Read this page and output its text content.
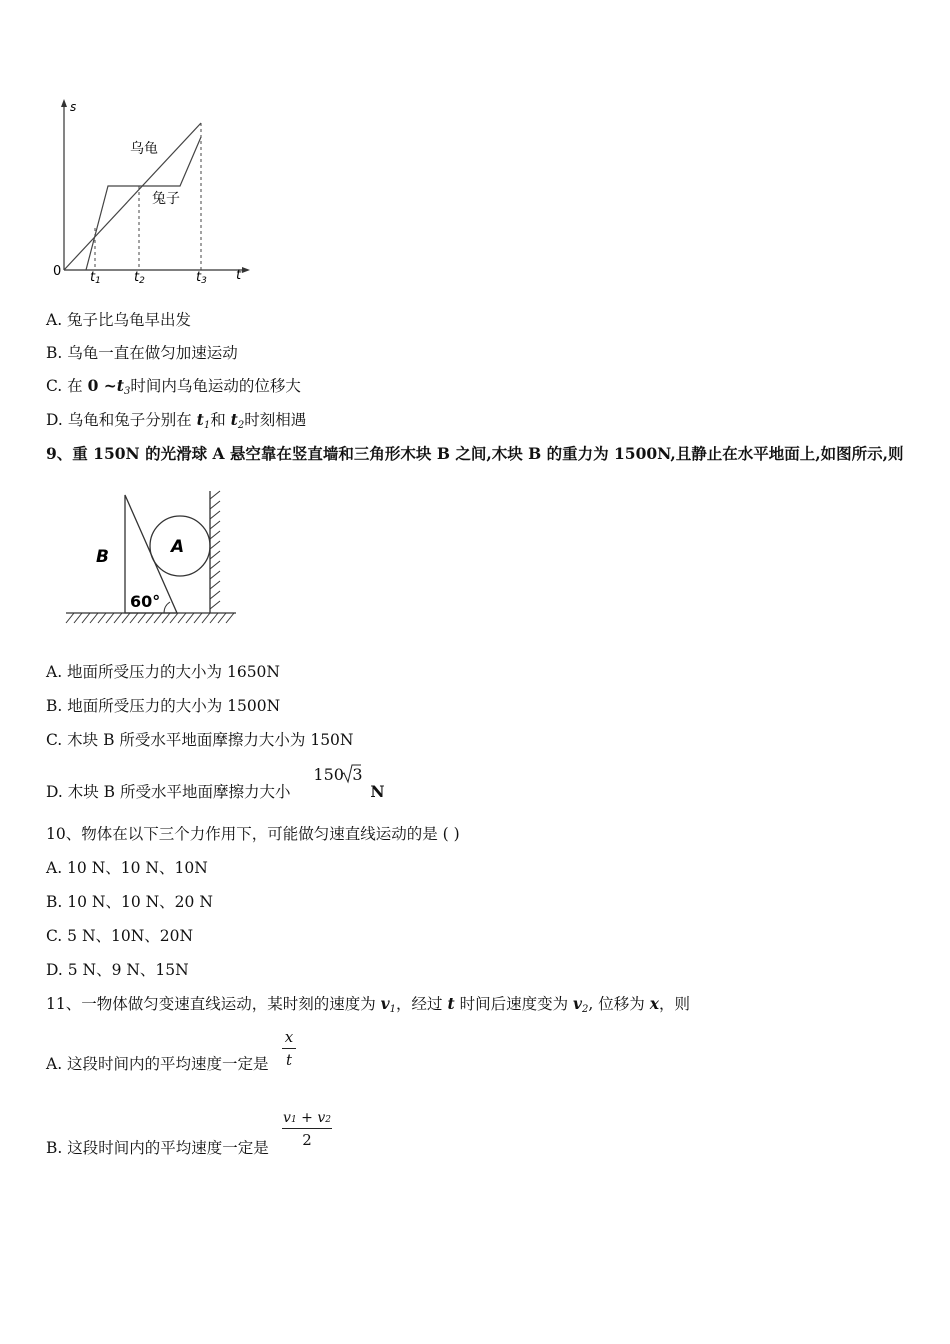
s
t
0
乌龟
兔子
t1	t2	t3
A. 兔子比乌龟早出发
B. 乌龟一直在做匀加速运动
C. 在 0 $\sim t_3$时间内乌龟运动的位移大
D. 乌龟和兔子分别在 $t_1$和 $t_2$时刻相遇
9、重 150N 的光滑球 A 悬空靠在竖直墙和三角形木块 B 之间,木块 B 的重力为 1500N,且静止在水平地面上,如图所示,则
B	A
60°
A. 地面所受压力的大小为 1650N
B. 地面所受压力的大小为 1500N
C. 木块 B 所受水平地面摩擦力大小为 150N
D. 木块 B 所受水平地面摩擦力大小
150 3
N
10、物体在以下三个力作用下，可能做匀速直线运动的是 ( )
A. 10 N、10 N、10N
B. 10 N、10 N、20 N
C. 5 N、10N、20N
D. 5 N、9 N、15N
11、一物体做匀变速直线运动，某时刻的速度为 $v_1$，经过 t 时间后速度变为 $v_2$, 位移为 x，则
A. 这段时间内的平均速度一定是
x
t
B. 这段时间内的平均速度一定是
v1 + v2
2
